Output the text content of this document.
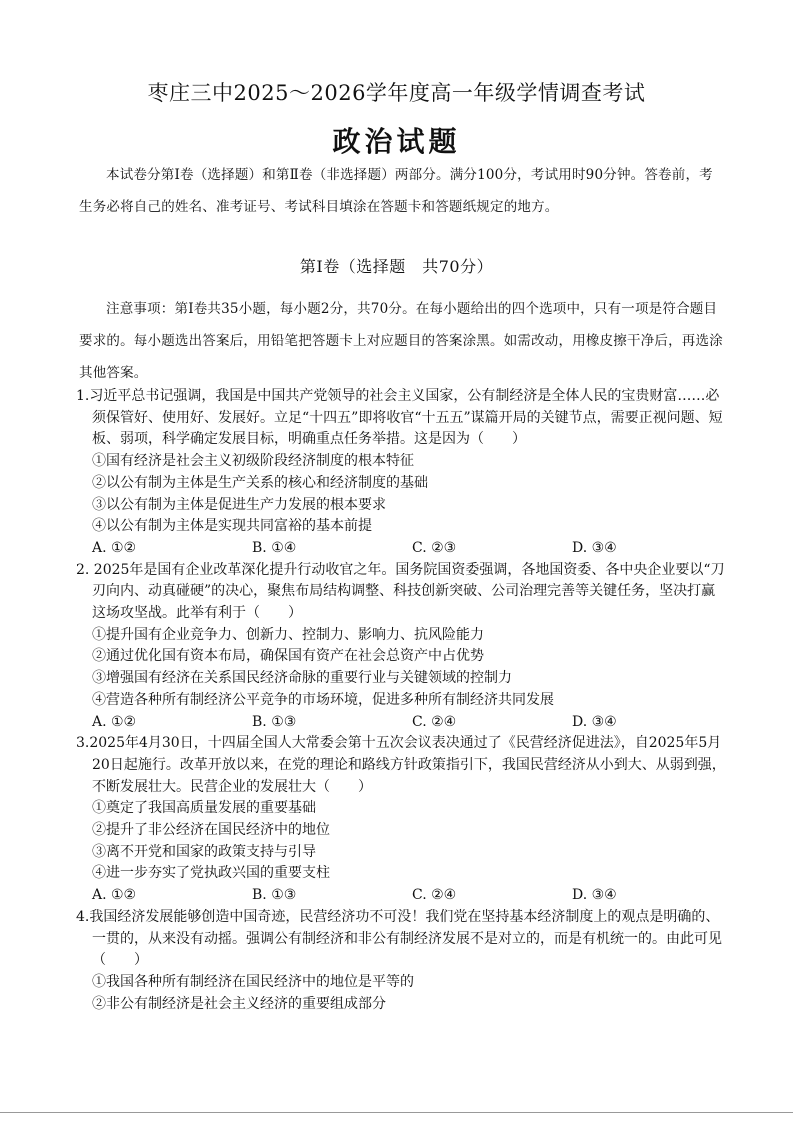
枣庄三中2025～2026学年度高一年级学情调查考试
政治试题
本试卷分第Ⅰ卷（选择题）和第Ⅱ卷（非选择题）两部分。满分100分，考试用时90分钟。答卷前，考生务必将自己的姓名、准考证号、考试科目填涂在答题卡和答题纸规定的地方。
第Ⅰ卷（选择题　共70分）
注意事项：第Ⅰ卷共35小题，每小题2分，共70分。在每小题给出的四个选项中，只有一项是符合题目要求的。每小题选出答案后，用铅笔把答题卡上对应题目的答案涂黑。如需改动，用橡皮擦干净后，再选涂其他答案。
1.习近平总书记强调，我国是中国共产党领导的社会主义国家，公有制经济是全体人民的宝贵财富……必须保管好、使用好、发展好。立足“十四五”即将收官“十五五”谋篇开局的关键节点，需要正视问题、短板、弱项，科学确定发展目标，明确重点任务举措。这是因为（　　）
①国有经济是社会主义初级阶段经济制度的根本特征
②以公有制为主体是生产关系的核心和经济制度的基础
③以公有制为主体是促进生产力发展的根本要求
④以公有制为主体是实现共同富裕的基本前提
A. ①②	B. ①④	C. ②③	D. ③④
2. 2025年是国有企业改革深化提升行动收官之年。国务院国资委强调，各地国资委、各中央企业要以“刀刃向内、动真碰硬”的决心，聚焦布局结构调整、科技创新突破、公司治理完善等关键任务，坚决打赢这场攻坚战。此举有利于（　　）
①提升国有企业竞争力、创新力、控制力、影响力、抗风险能力
②通过优化国有资本布局，确保国有资产在社会总资产中占优势
③增强国有经济在关系国民经济命脉的重要行业与关键领域的控制力
④营造各种所有制经济公平竞争的市场环境，促进多种所有制经济共同发展
A. ①②	B. ①③	C. ②④	D. ③④
3.2025年4月30日，十四届全国人大常委会第十五次会议表决通过了《民营经济促进法》，自2025年5月20日起施行。改革开放以来，在党的理论和路线方针政策指引下，我国民营经济从小到大、从弱到强，不断发展壮大。民营企业的发展壮大（　　）
①奠定了我国高质量发展的重要基础
②提升了非公经济在国民经济中的地位
③离不开党和国家的政策支持与引导
④进一步夯实了党执政兴国的重要支柱
A. ①②	B. ①③	C. ②④	D. ③④
4.我国经济发展能够创造中国奇迹，民营经济功不可没！我们党在坚持基本经济制度上的观点是明确的、一贯的，从来没有动摇。强调公有制经济和非公有制经济发展不是对立的，而是有机统一的。由此可见（　　）
①我国各种所有制经济在国民经济中的地位是平等的
②非公有制经济是社会主义经济的重要组成部分
